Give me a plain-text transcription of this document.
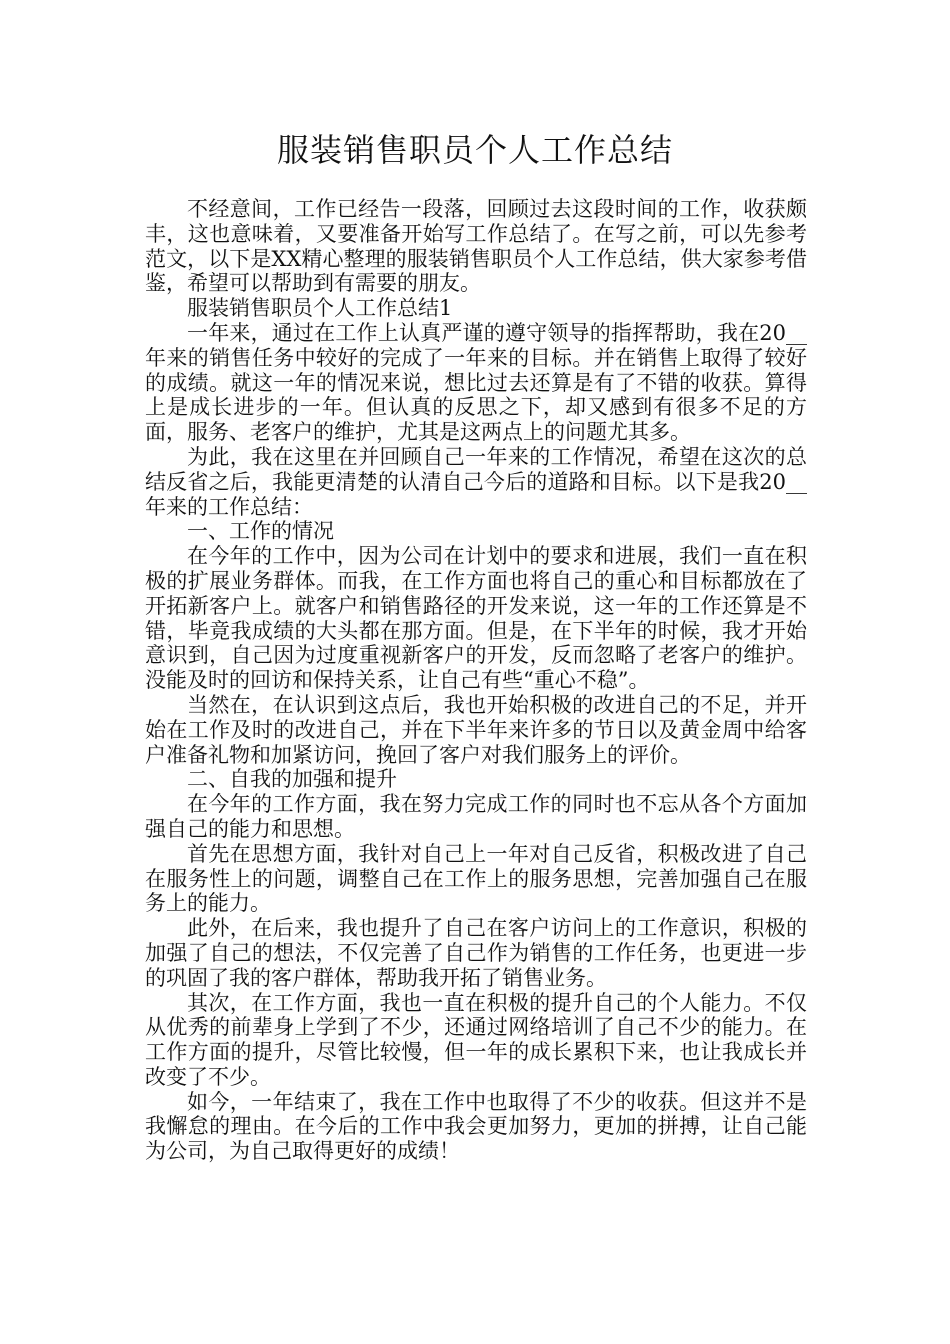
服装销售职员个人工作总结

不经意间，工作已经告一段落，回顾过去这段时间的工作，收获颇丰，这也意味着，又要准备开始写工作总结了。在写之前，可以先参考范文，以下是XX精心整理的服装销售职员个人工作总结，供大家参考借鉴，希望可以帮助到有需要的朋友。

服装销售职员个人工作总结1

一年来，通过在工作上认真严谨的遵守领导的指挥帮助，我在20__年来的销售任务中较好的完成了一年来的目标。并在销售上取得了较好的成绩。就这一年的情况来说，想比过去还算是有了不错的收获。算得上是成长进步的一年。但认真的反思之下，却又感到有很多不足的方面，服务、老客户的维护，尤其是这两点上的问题尤其多。

为此，我在这里在并回顾自己一年来的工作情况，希望在这次的总结反省之后，我能更清楚的认清自己今后的道路和目标。以下是我20__年来的工作总结：

一、工作的情况

在今年的工作中，因为公司在计划中的要求和进展，我们一直在积极的扩展业务群体。而我，在工作方面也将自己的重心和目标都放在了开拓新客户上。就客户和销售路径的开发来说，这一年的工作还算是不错，毕竟我成绩的大头都在那方面。但是，在下半年的时候，我才开始意识到，自己因为过度重视新客户的开发，反而忽略了老客户的维护。没能及时的回访和保持关系，让自己有些“重心不稳”。

当然在，在认识到这点后，我也开始积极的改进自己的不足，并开始在工作及时的改进自己，并在下半年来许多的节日以及黄金周中给客户准备礼物和加紧访问，挽回了客户对我们服务上的评价。

二、自我的加强和提升

在今年的工作方面，我在努力完成工作的同时也不忘从各个方面加强自己的能力和思想。

首先在思想方面，我针对自己上一年对自己反省，积极改进了自己在服务性上的问题，调整自己在工作上的服务思想，完善加强自己在服务上的能力。

此外，在后来，我也提升了自己在客户访问上的工作意识，积极的加强了自己的想法，不仅完善了自己作为销售的工作任务，也更进一步的巩固了我的客户群体，帮助我开拓了销售业务。

其次，在工作方面，我也一直在积极的提升自己的个人能力。不仅从优秀的前辈身上学到了不少，还通过网络培训了自己不少的能力。在工作方面的提升，尽管比较慢，但一年的成长累积下来，也让我成长并改变了不少。

如今，一年结束了，我在工作中也取得了不少的收获。但这并不是我懈怠的理由。在今后的工作中我会更加努力，更加的拼搏，让自己能为公司，为自己取得更好的成绩！
